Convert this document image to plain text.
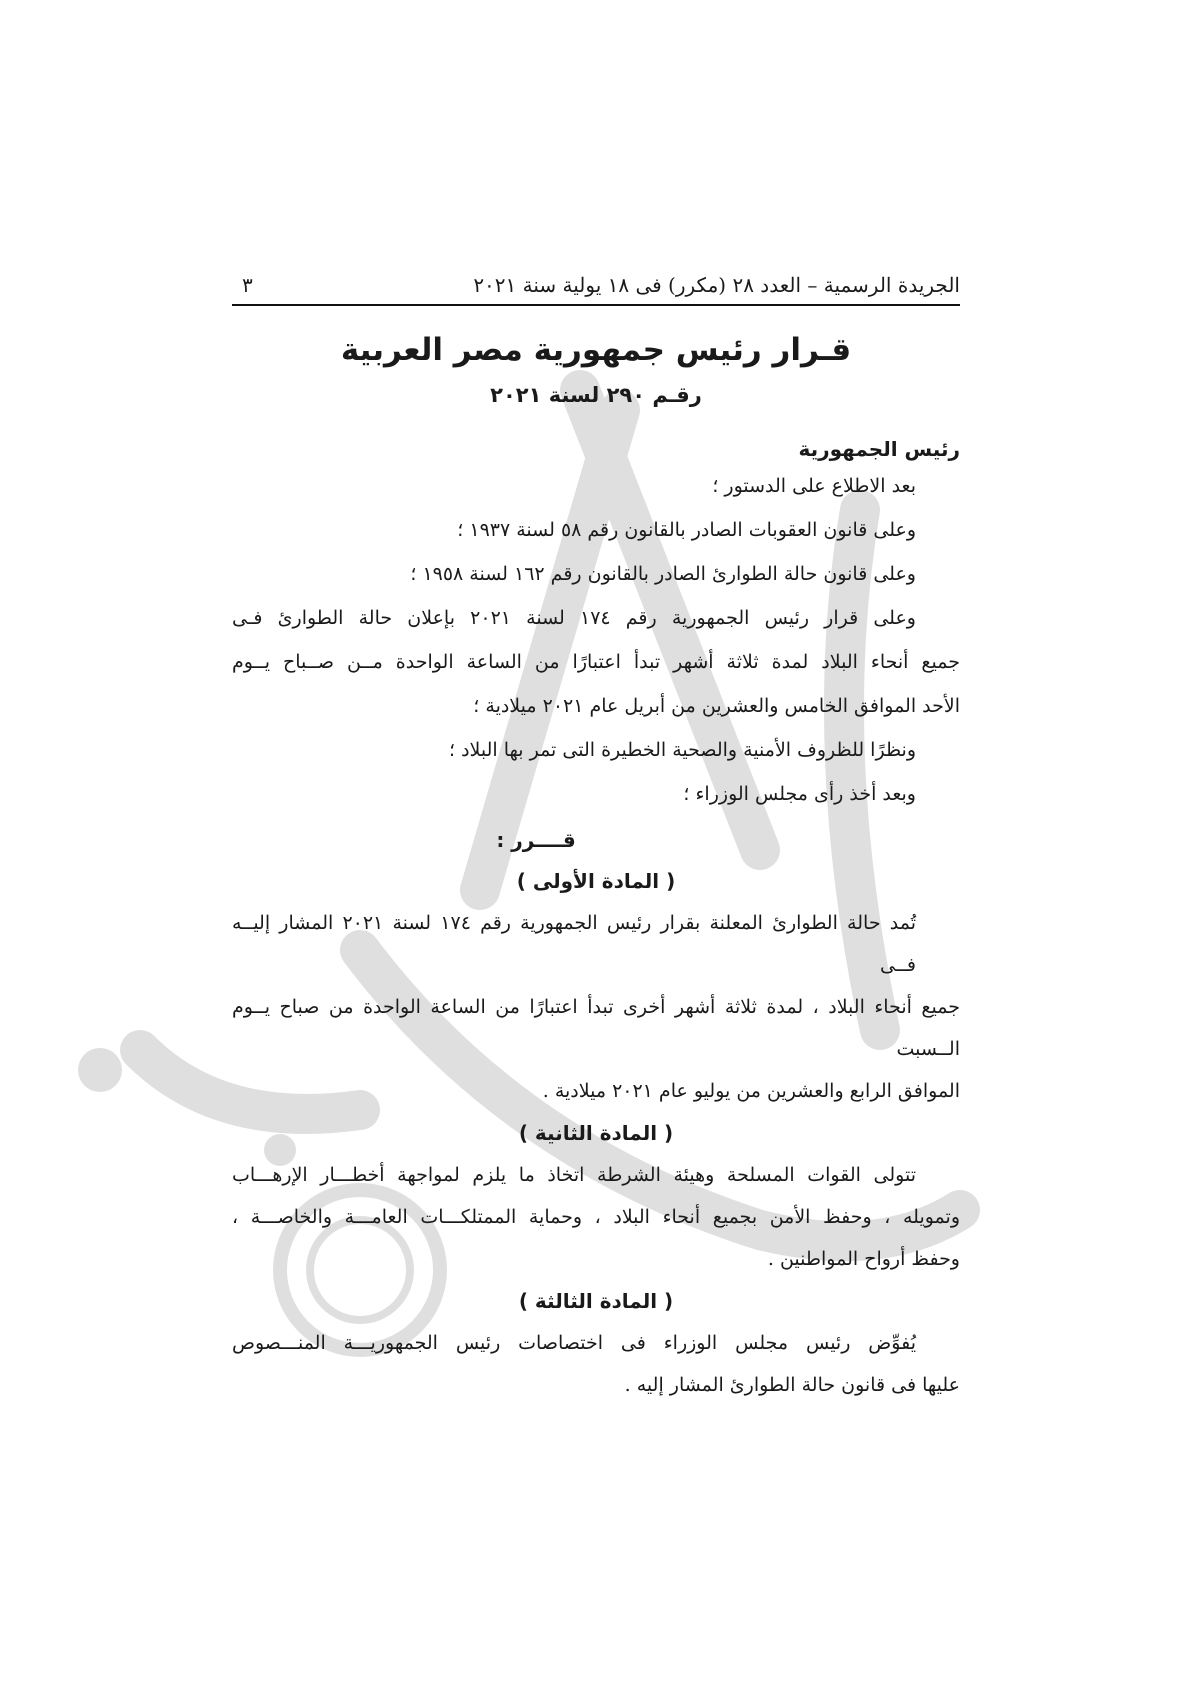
الجريدة الرسمية – العدد ٢٨ (مكرر) فى ١٨ يولية سنة ٢٠٢١
٣
قـرار رئيس جمهورية مصر العربية
رقـم ٢٩٠ لسنة ٢٠٢١
رئيس الجمهورية

بعد الاطلاع على الدستور ؛

وعلى قانون العقوبات الصادر بالقانون رقم ٥٨ لسنة ١٩٣٧ ؛

وعلى قانون حالة الطوارئ الصادر بالقانون رقم ١٦٢ لسنة ١٩٥٨ ؛

وعلى قرار رئيس الجمهورية رقم ١٧٤ لسنة ٢٠٢١ بإعلان حالة الطوارئ فـى

جميع أنحاء البلاد لمدة ثلاثة أشهر تبدأ اعتبارًا من الساعة الواحدة مــن صــباح يــوم

الأحد الموافق الخامس والعشرين من أبريل عام ٢٠٢١ ميلادية ؛

ونظرًا للظروف الأمنية والصحية الخطيرة التى تمر بها البلاد ؛

وبعد أخذ رأى مجلس الوزراء ؛

قــــرر :
( المادة الأولى )

تُمد حالة الطوارئ المعلنة بقرار رئيس الجمهورية رقم ١٧٤ لسنة ٢٠٢١ المشار إليــه فــى

جميع أنحاء البلاد ، لمدة ثلاثة أشهر أخرى تبدأ اعتبارًا من الساعة الواحدة من صباح يــوم الــسبت

الموافق الرابع والعشرين من يوليو عام ٢٠٢١ ميلادية .

( المادة الثانية )

تتولى القوات المسلحة وهيئة الشرطة اتخاذ ما يلزم لمواجهة أخطـــار الإرهـــاب

وتمويله ، وحفظ الأمن بجميع أنحاء البلاد ، وحماية الممتلكـــات العامـــة والخاصـــة ،

وحفظ أرواح المواطنين .

( المادة الثالثة )

يُفوِّض رئيس مجلس الوزراء فى اختصاصات رئيس الجمهوريـــة المنـــصوص

عليها فى قانون حالة الطوارئ المشار إليه .
